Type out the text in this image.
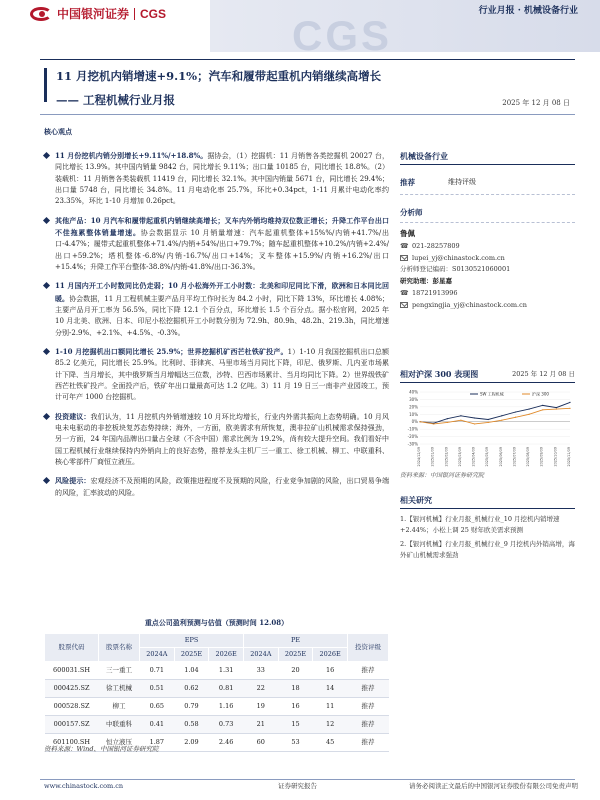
CGS
中国银河证券 CGS	行业月报 · 机械设备行业
11 月挖机内销增速+9.1%；汽车和履带起重机内销继续高增长
—— 工程机械行业月报	2025 年 12 月 08 日
核心观点
11 月份挖机内销分别增长+9.11%/+18.8%。据协会，（1）挖掘机：11 月销售各类挖掘机 20027 台，同比增长 13.9%。其中国内销量 9842 台，同比增长 9.11%；出口量 10185 台，同比增长 18.8%。（2）装载机：11 月销售各类装载机 11419 台，同比增长 32.1%。其中国内销量 5671 台，同比增长 29.4%；出口量 5748 台，同比增长 34.8%。11 月电动化率 25.7%，环比+0.34pct，1-11 月累计电动化率约 23.35%，环比 1-10 月增加 0.26pct。
其他产品：10 月汽车和履带起重机内销继续高增长；叉车内外销均维持双位数正增长；升降工作平台出口不佳拖累整体销量增速。协会数据显示 10 月销量增速：汽车起重机整体+15%%/内销+41.7%/出口-4.47%；履带式起重机整体+71.4%/内销+54%/出口+79.7%；随车起重机整体+10.2%/内销+2.4%/出口+59.2%；塔机整体-6.8%/内销-16.7%/出口+14%；叉车整体+15.9%/内销+16.2%/出口+15.4%；升降工作平台整体-38.8%/内销-41.8%/出口-36.3%。
11 月国内开工小时数同比仍走弱；10 月小松海外开工小时数：北美和印尼同比下滑，欧洲和日本同比回暖。协会数据，11 月工程机械主要产品月平均工作时长为 84.2 小时，同比下降 13%，环比增长 4.08%；主要产品月开工率为 56.5%，同比下降 12.1 个百分点，环比增长 1.5 个百分点。据小松官网，2025 年 10 月北美、欧洲、日本、印尼小松挖掘机开工小时数分别为 72.9h、80.9h、48.2h、219.3h，同比增速分别-2.9%、+2.1%、+4.5%、-0.3%。
1-10 月挖掘机出口额同比增长 25.9%；世界挖掘机矿西芒杜铁矿投产。1）1-10 月我国挖掘机出口总额 85.2 亿美元，同比增长 25.9%。比利时、菲律宾、马里市场当月同比下降，印尼、俄罗斯、几内亚市场累计下降、当月增长，其中俄罗斯当月增幅达三位数，沙特、巴西市场累计、当月均同比下降。2）世界级铁矿西芒杜铁矿投产。全面投产后，铁矿年出口量最高可达 1.2 亿吨。3）11 月 19 日三一南非产业园竣工，预计可年产 1000 台挖掘机。
投资建议：我们认为，11 月挖机内外销增速较 10 月环比均增长，行业内外需共振向上态势明确。10 月风电未电驱动的非挖板块复苏态势持续；海外，一方面，欧美需求有所恢复，澳非拉矿山机械需求保持强劲，另一方面，24 年国内品牌出口量占全球（不含中国）需求比例为 19.2%，尚有较大提升空间。我们看好中国工程机械行业继续保持内外销向上的良好态势，推荐龙头主机厂三一重工、徐工机械、柳工、中联重科、核心零部件厂商恒立液压。
风险提示：宏观经济不及预期的风险，政策推进程度不及预期的风险，行业竞争加剧的风险，出口贸易争端的风险，汇率波动的风险。
重点公司盈利预测与估值（预测时间 12.08）
股票代码	股票名称	EPS			PE			投资评级
		2024A	2025E	2026E	2024A	2025E	2026E	
600031.SH	三一重工	0.71	1.04	1.31	33	20	16	推荐
000425.SZ	徐工机械	0.51	0.62	0.81	22	18	14	推荐
000528.SZ	柳工	0.65	0.79	1.16	19	16	11	推荐
000157.SZ	中联重科	0.41	0.58	0.73	21	15	12	推荐
601100.SH	恒立液压	1.87	2.09	2.46	60	53	45	推荐
资料来源：Wind、中国银河证券研究院
机械设备行业
推荐	维持评级
分析师
鲁佩
☎
021-28257809
lupei_yj@chinastock.com.cn
分析师登记编码：S0130521060001
研究助理：彭星嘉
☎
18721913996
pengxingjia_yj@chinastock.com.cn
相对沪深 300 表现图	2025 年 12 月 08 日
40%
30%
20%
10%
0%
-10%
-20%
-30%
2024/12/09	2025/01/09	2025/02/09	2025/03/09	2025/04/09	2025/05/09	2025/06/09	2025/07/09	2025/08/09	2025/09/09	2025/10/09	2025/11/09
SW 工程机械	沪深 300
资料来源：中国银河证券研究院
相关研究
1.【银河机械】行业月报_机械行业_10 月挖机内销增速+2.44%；小松上调 25 财年欧美需求预测
2.【银河机械】行业月报_机械行业_9 月挖机内外销高增，海外矿山机械需求强劲
www.chinastock.com.cn	证券研究报告	请务必阅读正文最后的中国银河证券股份有限公司免责声明
